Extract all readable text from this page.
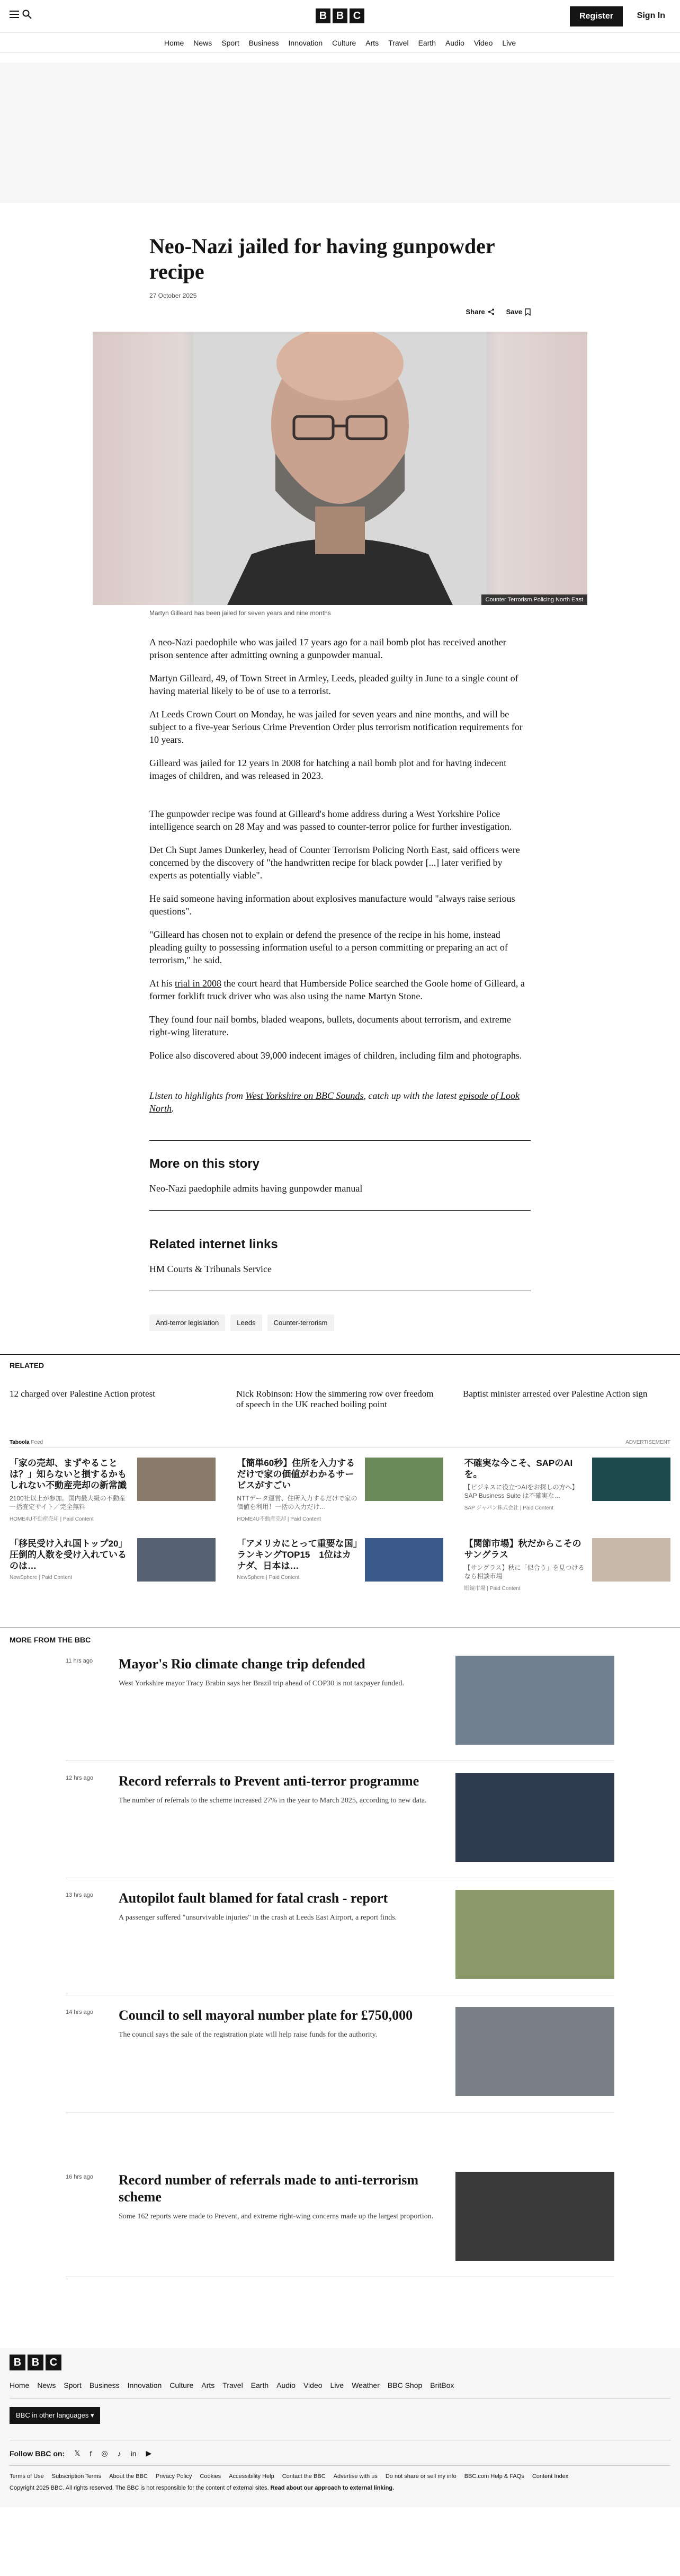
B B C	Register	Sign In
Home News Sport Business Innovation Culture Arts Travel Earth Audio Video Live
Neo-Nazi jailed for having gunpowder recipe
27 October 2025
Share	Save
Counter Terrorism Policing North East
Martyn Gilleard has been jailed for seven years and nine months

A neo-Nazi paedophile who was jailed 17 years ago for a nail bomb plot has received another prison sentence after admitting owning a gunpowder manual.

Martyn Gilleard, 49, of Town Street in Armley, Leeds, pleaded guilty in June to a single count of having material likely to be of use to a terrorist.

At Leeds Crown Court on Monday, he was jailed for seven years and nine months, and will be subject to a five-year Serious Crime Prevention Order plus terrorism notification requirements for 10 years.

Gilleard was jailed for 12 years in 2008 for hatching a nail bomb plot and for having indecent images of children, and was released in 2023.

The gunpowder recipe was found at Gilleard's home address during a West Yorkshire Police intelligence search on 28 May and was passed to counter-terror police for further investigation.

Det Ch Supt James Dunkerley, head of Counter Terrorism Policing North East, said officers were concerned by the discovery of "the handwritten recipe for black powder [...] later verified by experts as potentially viable".

He said someone having information about explosives manufacture would "always raise serious questions".

"Gilleard has chosen not to explain or defend the presence of the recipe in his home, instead pleading guilty to possessing information useful to a person committing or preparing an act of terrorism," he said.

At his trial in 2008 the court heard that Humberside Police searched the Goole home of Gilleard, a former forklift truck driver who was also using the name Martyn Stone.

They found four nail bombs, bladed weapons, bullets, documents about terrorism, and extreme right-wing literature.

Police also discovered about 39,000 indecent images of children, including film and photographs.

Listen to highlights from West Yorkshire on BBC Sounds, catch up with the latest episode of Look North.

More on this story
Neo-Nazi paedophile admits having gunpowder manual
Related internet links
HM Courts & Tribunals Service
Anti-terror legislation	Leeds	Counter-terrorism
RELATED
12 charged over Palestine Action protest	Nick Robinson: How the simmering row over freedom of speech in the UK reached boiling point
Baptist minister arrested over Palestine Action sign
Taboola Feed	ADVERTISEMENT
「家の売却、まずやることは？」知らないと損するかもしれない不動産売却の新常識
2100社以上が参加。国内最大級の不動産一括査定サイト／完全無料
HOME4U不動産売却 | Paid Content
【簡単60秒】住所を入力するだけで家の価値がわかるサービスがすごい
NTTデータ運営、住所入力するだけで家の価値を利用！一括の入力だけ…
HOME4U不動産売却 | Paid Content
不確実な今こそ、SAPのAIを。
【ビジネスに役立つAIをお探しの方へ】SAP Business Suite は不確実な…
SAP ジャパン株式会社 | Paid Content
「移民受け入れ国トップ20」圧倒的人数を受け入れているのは…
NewSphere | Paid Content
「アメリカにとって重要な国」ランキングTOP15　1位はカナダ、日本は…
NewSphere | Paid Content
【関節市場】秋だからこそのサングラス
【サングラス】秋に「似合う」を見つけるなら相談市場
眼鏡市場 | Paid Content
MORE FROM THE BBC
11 hrs ago Mayor's Rio climate change trip defended
West Yorkshire mayor Tracy Brabin says her Brazil trip ahead of COP30 is not taxpayer funded.
12 hrs ago Record referrals to Prevent anti-terror programme
The number of referrals to the scheme increased 27% in the year to March 2025, according to new data.
13 hrs ago Autopilot fault blamed for fatal crash - report
A passenger suffered "unsurvivable injuries" in the crash at Leeds East Airport, a report finds.
14 hrs ago Council to sell mayoral number plate for £750,000
The council says the sale of the registration plate will help raise funds for the authority.
16 hrs ago Record number of referrals made to anti-terrorism scheme
Some 162 reports were made to Prevent, and extreme right-wing concerns made up the largest proportion.
B B C
Home News Sport Business Innovation Culture Arts Travel Earth Audio Video Live Weather BBC Shop BritBox
BBC in other languages ▾
Follow BBC on: 𝕏 f ◎ ♪ in ▶
Terms of Use Subscription Terms About the BBC Privacy Policy Cookies Accessibility Help Contact the BBC Advertise with us Do not share or sell my info BBC.com Help & FAQs Content Index
Copyright 2025 BBC. All rights reserved. The BBC is not responsible for the content of external sites. Read about our approach to external linking.
